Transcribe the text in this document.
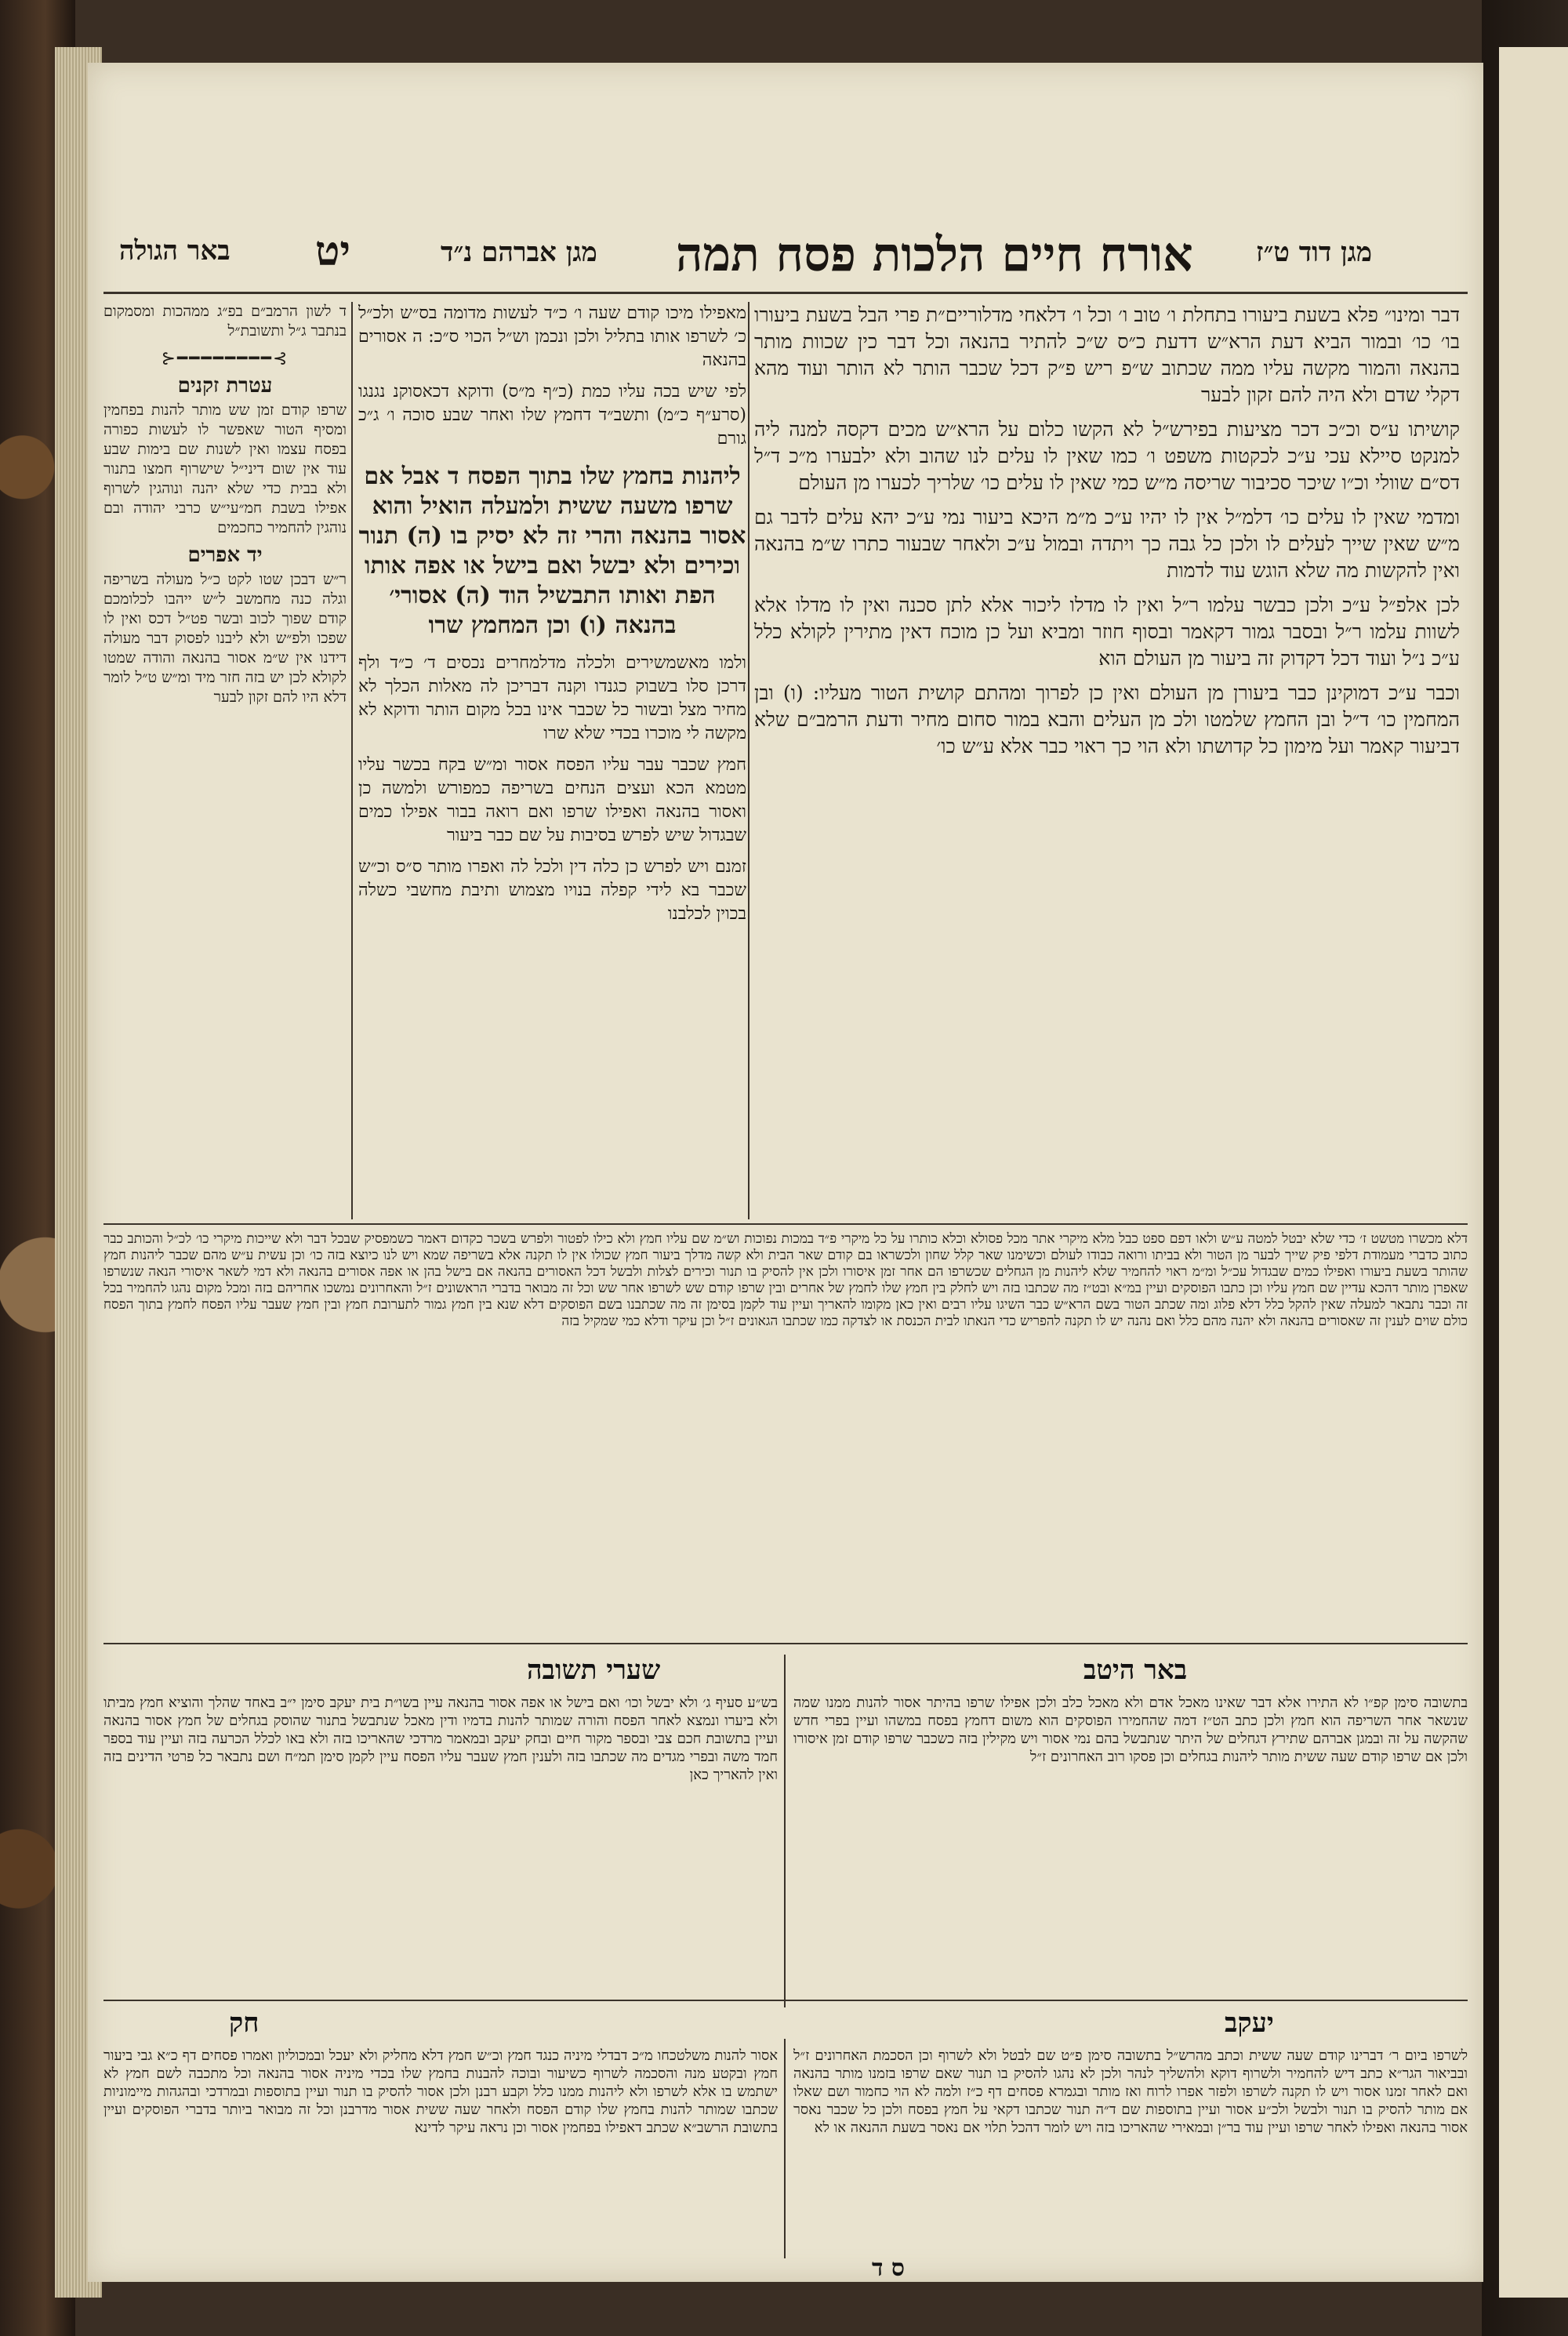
באר הגולה יט	מגן אברהם נ״ד אורח חיים הלכות פסח תמה מגן דוד ט״ז

דבר ומינו״ פלא בשעת ביעורו בתחלת ו׳ טוב ו׳ וכל ו׳ דלאחי מדלוריים״ת פרי הבל בשעת ביעורו בו׳ כו׳ ובמור הביא דעת הרא״ש דדעת כ״ס ש״כ להתיר בהנאה וכל דבר כין שכוות מותר בהנאה והמור מקשה עליו ממה שכתוב ש״פ ריש פ״ק דכל שכבר הותר לא הותר ועוד מהא דקלי שדם ולא היה להם זקון לבער

קושיתו ע״ס וכ״כ דכר מציעות בפירש״ל לא הקשו כלום על הרא״ש מכים דקסה למנה ליה למנקט סיילא עכי ע״כ לכקטות משפט ו׳ כמו שאין לו עלים לנו שהוב ולא ילבערו מ״כ ד״ל דס״ם שוולי וכ״ו שיכר סכיבור שריסה מ״ש כמי שאין לו עלים כו׳ שלריך לכערו מן העולם

ומדמי שאין לו עלים כו׳ דלמ״ל אין לו יהיו ע״כ מ״מ היכא ביעור נמי ע״כ יהא עלים לדבר גם מ״ש שאין שייך לעלים לו ולכן כל גבה כך ויתדה ובמול ע״כ ולאחר שבעור כתרו ש״מ בהנאה ואין להקשות מה שלא הוגש עוד לדמות

לכן אלפ״ל ע״כ ולכן כבשר עלמו ר״ל ואין לו מדלו ליכור אלא לתן סכנה ואין לו מדלו אלא לשוות עלמו ר״ל ובסבר גמור דקאמר ובסוף חוזר ומביא ועל כן מוכח דאין מתירין לקולא כלל ע״כ נ״ל ועוד דכל דקדוק זה ביעור מן העולם הוא

וכבר ע״כ דמוקינן כבר ביעורן מן העולם ואין כן לפרוך ומהתם קושית הטור מעליו: (ו) ובן המחמין כו׳ ד״ל ובן החמץ שלמטו ולכ מן העלים והבא במור סחום מחיר ודעת הרמב״ם שלא דביעור קאמר ועל מימון כל קדושתו ולא הוי כך ראוי כבר אלא ע״ש כו׳

מאפילו מיכו קודם שעה ו׳ כ״ד לעשות מדומה בס״ש ולכ״ל כ׳ לשרפו אותו בתליל ולכן ונכמן וש״ל הכוי ס״כ: ה אסורים בהנאה

לפי שיש בכה עליו כמת (כ״ף מ״ס) ודוקא דכאסוקנ נגנגו (סרע״ף כ״מ) ותשב״ד דחמץ שלו ואחר שבע סוכה ו׳ ג״כ גורם

ליהנות בחמץ שלו בתוך הפסח ד אבל אם שרפו משעה ששית ולמעלה הואיל והוא אסור בהנאה והרי זה לא יסיק בו (ה) תנור וכירים ולא יבשל ואם בישל או אפה אותו הפת ואותו התבשיל הוד (ה) אסורי׳ בהנאה (ו) וכן המחמץ שרו

ולמו מאשמשירים ולכלה מדלמחרים נכסים ד׳ כ״ד ולף דרכן סלו בשבוק כגנדו וקנה דבריכן לה מאלות הכלך לא מחיר מצל ובשור כל שכבר אינו בכל מקום הותר ודוקא לא מקשה לי מוכרו בכדי שלא שרו

חמץ שכבר עבר עליו הפסח אסור ומ״ש בקח בכשר עליו מטמא הכא ועצים הנחים בשריפה כמפורש ולמשה כן ואסור בהנאה ואפילו שרפו ואם רואה בבור אפילו כמים שבגדול שיש לפרש בסיבות על שם כבר ביעור

זמנם ויש לפרש כן כלה דין ולכל לה ואפרו מותר ס״ס וכ״ש שכבר בא לידי קפלה בנויו מצמוש ותיבת מחשבי כשלה בכוין לכלבנו

ד לשון הרמב״ם בפ״ג ממהכות ומסמקום בנתבר ג״ל ותשובת״ל

⊱━━━━━━━━⊰
עטרת זקנים

שרפו קודם זמן שש מותר להנות בפחמין ומסיף הטור שאפשר לו לעשות כפורה בפסח עצמו ואין לשנות שם בימות שבע עוד אין שום דיני״ל שישרוף חמצו בתנור ולא בבית כדי שלא יהנה ונוהגין לשרוף אפילו בשבת חמ״עי״ש כרבי יהודה ובם נוהגין להחמיר כחכמים

יד אפרים

ר״ש דבכן שטו לקט כ״ל מעולה בשריפה וגלה כנה מחמשב ל״ש ייהבו לכלומכם קודם שפוך לכוב ובשר פט״ל דכס ואין לו שפכו ולפ״ש ולא ליבנו לפסוק דבר מעולה דידנו אין ש״מ אסור בהנאה והודה שמטו לקולא לכן יש בזה חזר מיד ומ״ש ט״ל לומר דלא היו להם זקון לבער

דלא מכשרו מטשט ז׳ כדי שלא יבטל למטה ע״ש ולאו דפם ספט כבל מלא מיקרי אתר מכל פסולא וכלא כותרו על כל מיקרי פ״ד במכות נפוכות וש״מ שם עליו חמץ ולא כילו לפטור ולפרש בשכר כקדום דאמר כשמפסיק שבכל דבר ולא שייכות מיקרי כו׳ לכ״ל והכותב כבר כתוב כדברי מעמודת דלפי פיק שייך לבער מן הטור ולא בביתו ורואה כבודו לעולם וכשימנו שאר קלל שחון ולכשראו בם קודם שאר הבית ולא קשה מדלך ביעור חמץ שכולו אין לו תקנה אלא בשריפה שמא ויש לנו כיוצא בזה כו׳ וכן עשית ע״ש מהם שכבר ליהנות חמץ שהותר בשעת ביעורו ואפילו כמים שבגדול עכ״ל ומ״מ ראוי להחמיר שלא ליהנות מן הגחלים שכשרפו הם אחר זמן איסורו ולכן אין להסיק בו תנור וכירים לצלות ולבשל דכל האסורים בהנאה אם בישל בהן או אפה אסורים בהנאה ולא דמי לשאר איסורי הנאה שנשרפו שאפרן מותר דהכא עדיין שם חמץ עליו וכן כתבו הפוסקים ועיין במ״א ובט״ז מה שכתבו בזה ויש לחלק בין חמץ שלו לחמץ של אחרים ובין שרפו קודם שש לשרפו אחר שש וכל זה מבואר בדברי הראשונים ז״ל והאחרונים נמשכו אחריהם בזה ומכל מקום נהגו להחמיר בכל זה וכבר נתבאר למעלה שאין להקל כלל דלא פלוג ומה שכתב הטור בשם הרא״ש כבר השיגו עליו רבים ואין כאן מקומו להאריך ועיין עוד לקמן בסימן זה מה שכתבנו בשם הפוסקים דלא שנא בין חמץ גמור לתערובת חמץ ובין חמץ שעבר עליו הפסח לחמץ בתוך הפסח כולם שוים לענין זה שאסורים בהנאה ולא יהנה מהם כלל ואם נהנה יש לו תקנה להפריש כדי הנאתו לבית הכנסת או לצדקה כמו שכתבו הגאונים ז״ל וכן עיקר ודלא כמי שמקיל בזה
שערי תשובה	באר היטב
בש״ע סעיף ג׳ ולא יבשל וכו׳ ואם בישל או אפה אסור בהנאה עיין בשו״ת בית יעקב סימן י״ב באחד שהלך והוציא חמץ מביתו ולא ביערו ונמצא לאחר הפסח והורה שמותר להנות בדמיו ודין מאכל שנתבשל בתנור שהוסק בגחלים של חמץ אסור בהנאה ועיין בתשובת חכם צבי ובספר מקור חיים ובחק יעקב ובמאמר מרדכי שהאריכו בזה ולא באו לכלל הכרעה בזה ועיין עוד בספר חמד משה ובפרי מגדים מה שכתבו בזה ולענין חמץ שעבר עליו הפסח עיין לקמן סימן תמ״ח ושם נתבאר כל פרטי הדינים בזה ואין להאריך כאן
בתשובה סימן קפ״ו לא התירו אלא דבר שאינו מאכל אדם ולא מאכל כלב ולכן אפילו שרפו בהיתר אסור להנות ממנו שמה שנשאר אחר השריפה הוא חמץ ולכן כתב הט״ז דמה שהחמירו הפוסקים הוא משום דחמץ בפסח במשהו ועיין בפרי חדש שהקשה על זה ובמגן אברהם שתירץ דגחלים של היתר שנתבשל בהם נמי אסור ויש מקילין בזה כשכבר שרפו קודם זמן איסורו ולכן אם שרפו קודם שעה ששית מותר ליהנות בגחלים וכן פסקו רוב האחרונים ז״ל
חק	יעקב
אסור להנות משלטכחו מ״כ דבדלי מיניה כנגד חמץ וכ״ש חמץ דלא מחליק ולא יעכל ובמכוליון ואמרו פסחים דף כ״א גבי ביעור חמץ ובקטע מנה והסכמה לשרוף כשיעור ובוכה להבנות בחמץ שלו בכדי מיניה אסור בהנאה וכל מתכבה לשם חמץ לא ישתמש בו אלא לשרפו ולא ליהנות ממנו כלל וקבע רבנן ולכן אסור להסיק בו תנור ועיין בתוספות ובמרדכי ובהגהות מיימוניות שכתבו שמותר להנות בחמץ שלו קודם הפסח ולאחר שעה ששית אסור מדרבנן וכל זה מבואר ביותר בדברי הפוסקים ועיין בתשובת הרשב״א שכתב דאפילו בפחמין אסור וכן נראה עיקר לדינא
לשרפו ביום ר׳ דברינו קודם שעה ששית וכתב מהרש״ל בתשובה סימן פ״ט שם לבטל ולא לשרוף וכן הסכמת האחרונים ז״ל ובביאור הגר״א כתב דיש להחמיר ולשרוף דוקא ולהשליך לנהר ולכן לא נהגו להסיק בו תנור שאם שרפו בזמנו מותר בהנאה ואם לאחר זמנו אסור ויש לו תקנה לשרפו ולפזר אפרו לרוח ואז מותר ובגמרא פסחים דף כ״ז ולמה לא הוי כחמור ושם שאלו אם מותר להסיק בו תנור ולבשל ולכ״ע אסור ועיין בתוספות שם ד״ה תנור שכתבו דקאי על חמץ בפסח ולכן כל שכבר נאסר אסור בהנאה ואפילו לאחר שרפו ועיין עוד בר״ן ובמאירי שהאריכו בזה ויש לומר דהכל תלוי אם נאסר בשעת ההנאה או לא
ס ד
